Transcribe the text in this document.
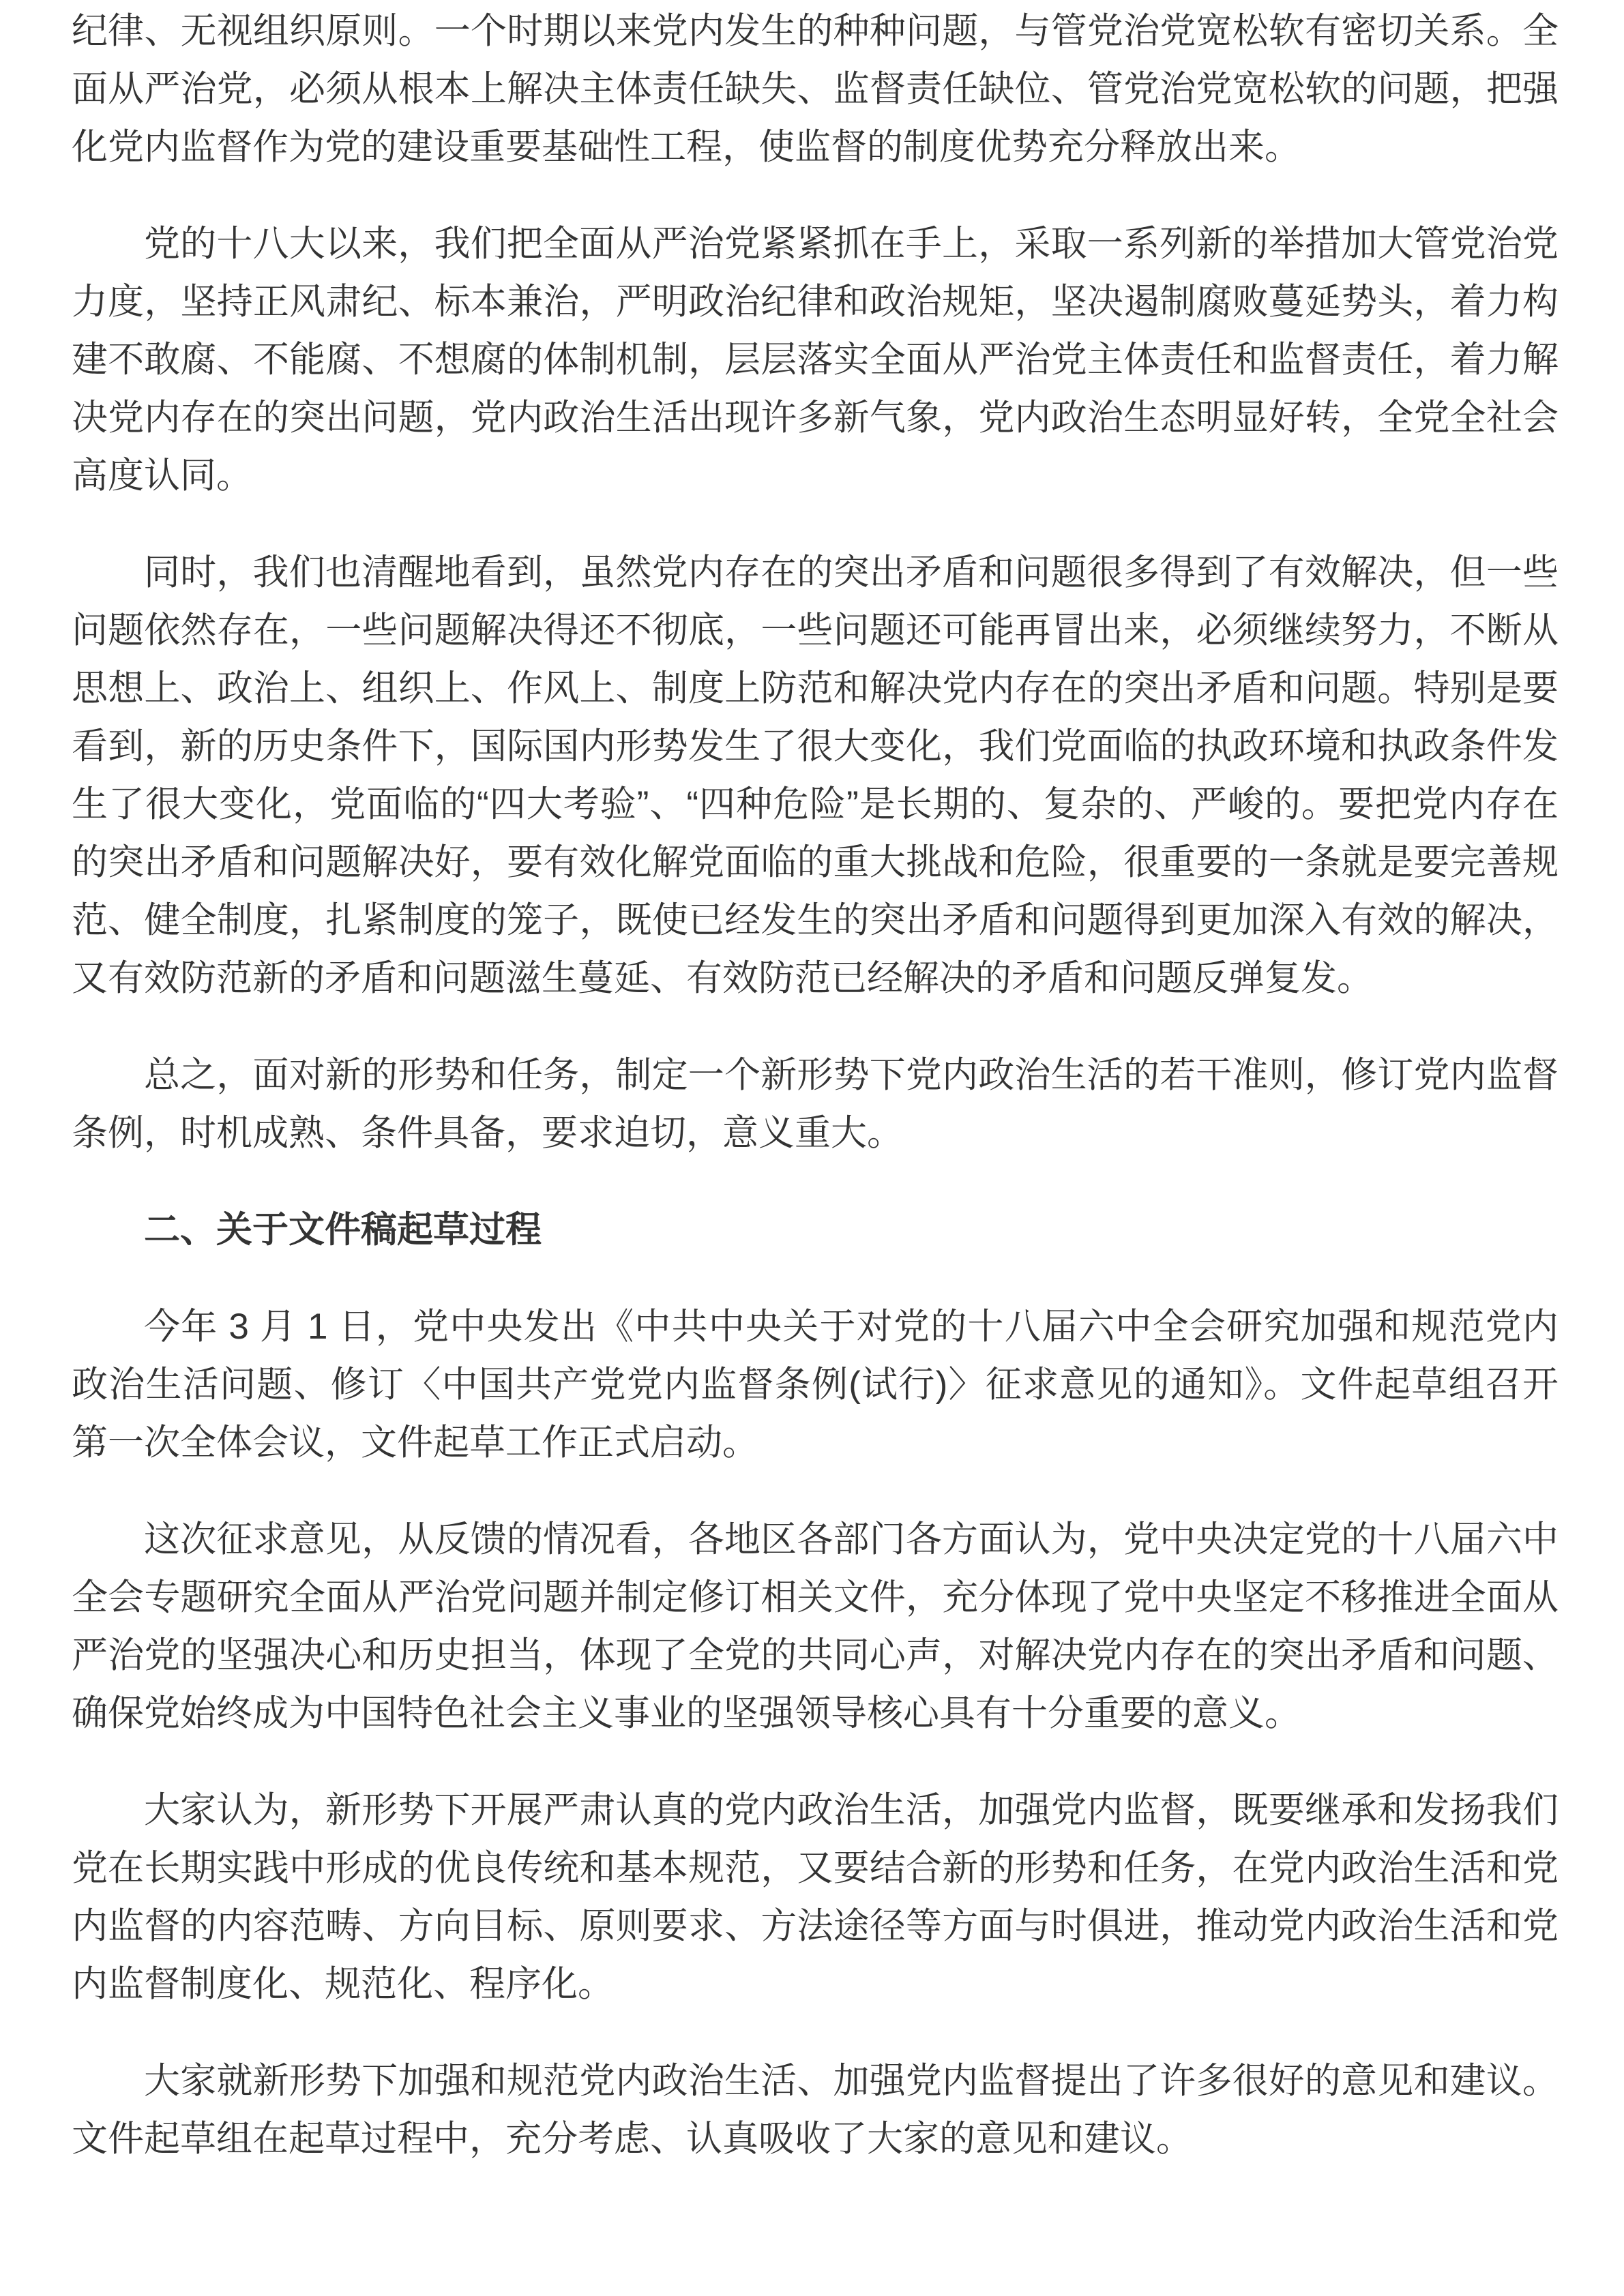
纪律、无视组织原则。一个时期以来党内发生的种种问题，与管党治党宽松软有密切关系。全面从严治党，必须从根本上解决主体责任缺失、监督责任缺位、管党治党宽松软的问题，把强化党内监督作为党的建设重要基础性工程，使监督的制度优势充分释放出来。

党的十八大以来，我们把全面从严治党紧紧抓在手上，采取一系列新的举措加大管党治党力度，坚持正风肃纪、标本兼治，严明政治纪律和政治规矩，坚决遏制腐败蔓延势头，着力构建不敢腐、不能腐、不想腐的体制机制，层层落实全面从严治党主体责任和监督责任，着力解决党内存在的突出问题，党内政治生活出现许多新气象，党内政治生态明显好转，全党全社会高度认同。

同时，我们也清醒地看到，虽然党内存在的突出矛盾和问题很多得到了有效解决，但一些问题依然存在，一些问题解决得还不彻底，一些问题还可能再冒出来，必须继续努力，不断从思想上、政治上、组织上、作风上、制度上防范和解决党内存在的突出矛盾和问题。特别是要看到，新的历史条件下，国际国内形势发生了很大变化，我们党面临的执政环境和执政条件发生了很大变化，党面临的“四大考验”、“四种危险”是长期的、复杂的、严峻的。要把党内存在的突出矛盾和问题解决好，要有效化解党面临的重大挑战和危险，很重要的一条就是要完善规范、健全制度，扎紧制度的笼子，既使已经发生的突出矛盾和问题得到更加深入有效的解决，又有效防范新的矛盾和问题滋生蔓延、有效防范已经解决的矛盾和问题反弹复发。

总之，面对新的形势和任务，制定一个新形势下党内政治生活的若干准则，修订党内监督条例，时机成熟、条件具备，要求迫切，意义重大。

二、关于文件稿起草过程

今年 3 月 1 日，党中央发出《中共中央关于对党的十八届六中全会研究加强和规范党内政治生活问题、修订〈中国共产党党内监督条例(试行)〉征求意见的通知》。文件起草组召开第一次全体会议，文件起草工作正式启动。

这次征求意见，从反馈的情况看，各地区各部门各方面认为，党中央决定党的十八届六中全会专题研究全面从严治党问题并制定修订相关文件，充分体现了党中央坚定不移推进全面从严治党的坚强决心和历史担当，体现了全党的共同心声，对解决党内存在的突出矛盾和问题、确保党始终成为中国特色社会主义事业的坚强领导核心具有十分重要的意义。

大家认为，新形势下开展严肃认真的党内政治生活，加强党内监督，既要继承和发扬我们党在长期实践中形成的优良传统和基本规范，又要结合新的形势和任务，在党内政治生活和党内监督的内容范畴、方向目标、原则要求、方法途径等方面与时俱进，推动党内政治生活和党内监督制度化、规范化、程序化。

大家就新形势下加强和规范党内政治生活、加强党内监督提出了许多很好的意见和建议。文件起草组在起草过程中，充分考虑、认真吸收了大家的意见和建议。
